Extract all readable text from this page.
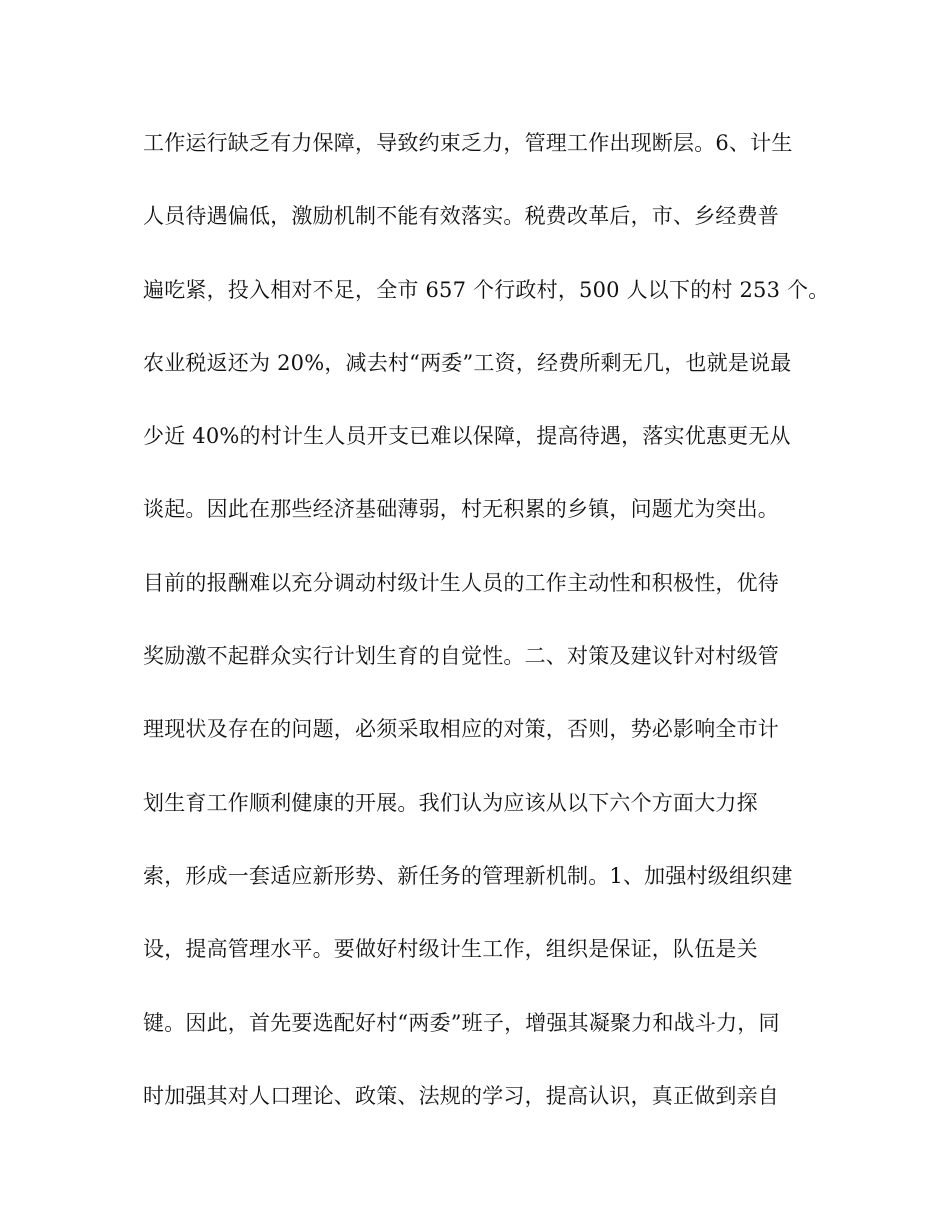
工作运行缺乏有力保障，导致约束乏力，管理工作出现断层。6、计生
人员待遇偏低，激励机制不能有效落实。税费改革后，市、乡经费普
遍吃紧，投入相对不足，全市 657 个行政村，500 人以下的村 253 个。
农业税返还为 20%，减去村“两委”工资，经费所剩无几，也就是说最
少近 40%的村计生人员开支已难以保障，提高待遇，落实优惠更无从
谈起。因此在那些经济基础薄弱，村无积累的乡镇，问题尤为突出。
目前的报酬难以充分调动村级计生人员的工作主动性和积极性，优待
奖励激不起群众实行计划生育的自觉性。二、对策及建议针对村级管
理现状及存在的问题，必须采取相应的对策，否则，势必影响全市计
划生育工作顺利健康的开展。我们认为应该从以下六个方面大力探
索，形成一套适应新形势、新任务的管理新机制。1、加强村级组织建
设，提高管理水平。要做好村级计生工作，组织是保证，队伍是关
键。因此，首先要选配好村“两委”班子，增强其凝聚力和战斗力，同
时加强其对人口理论、政策、法规的学习，提高认识，真正做到亲自
